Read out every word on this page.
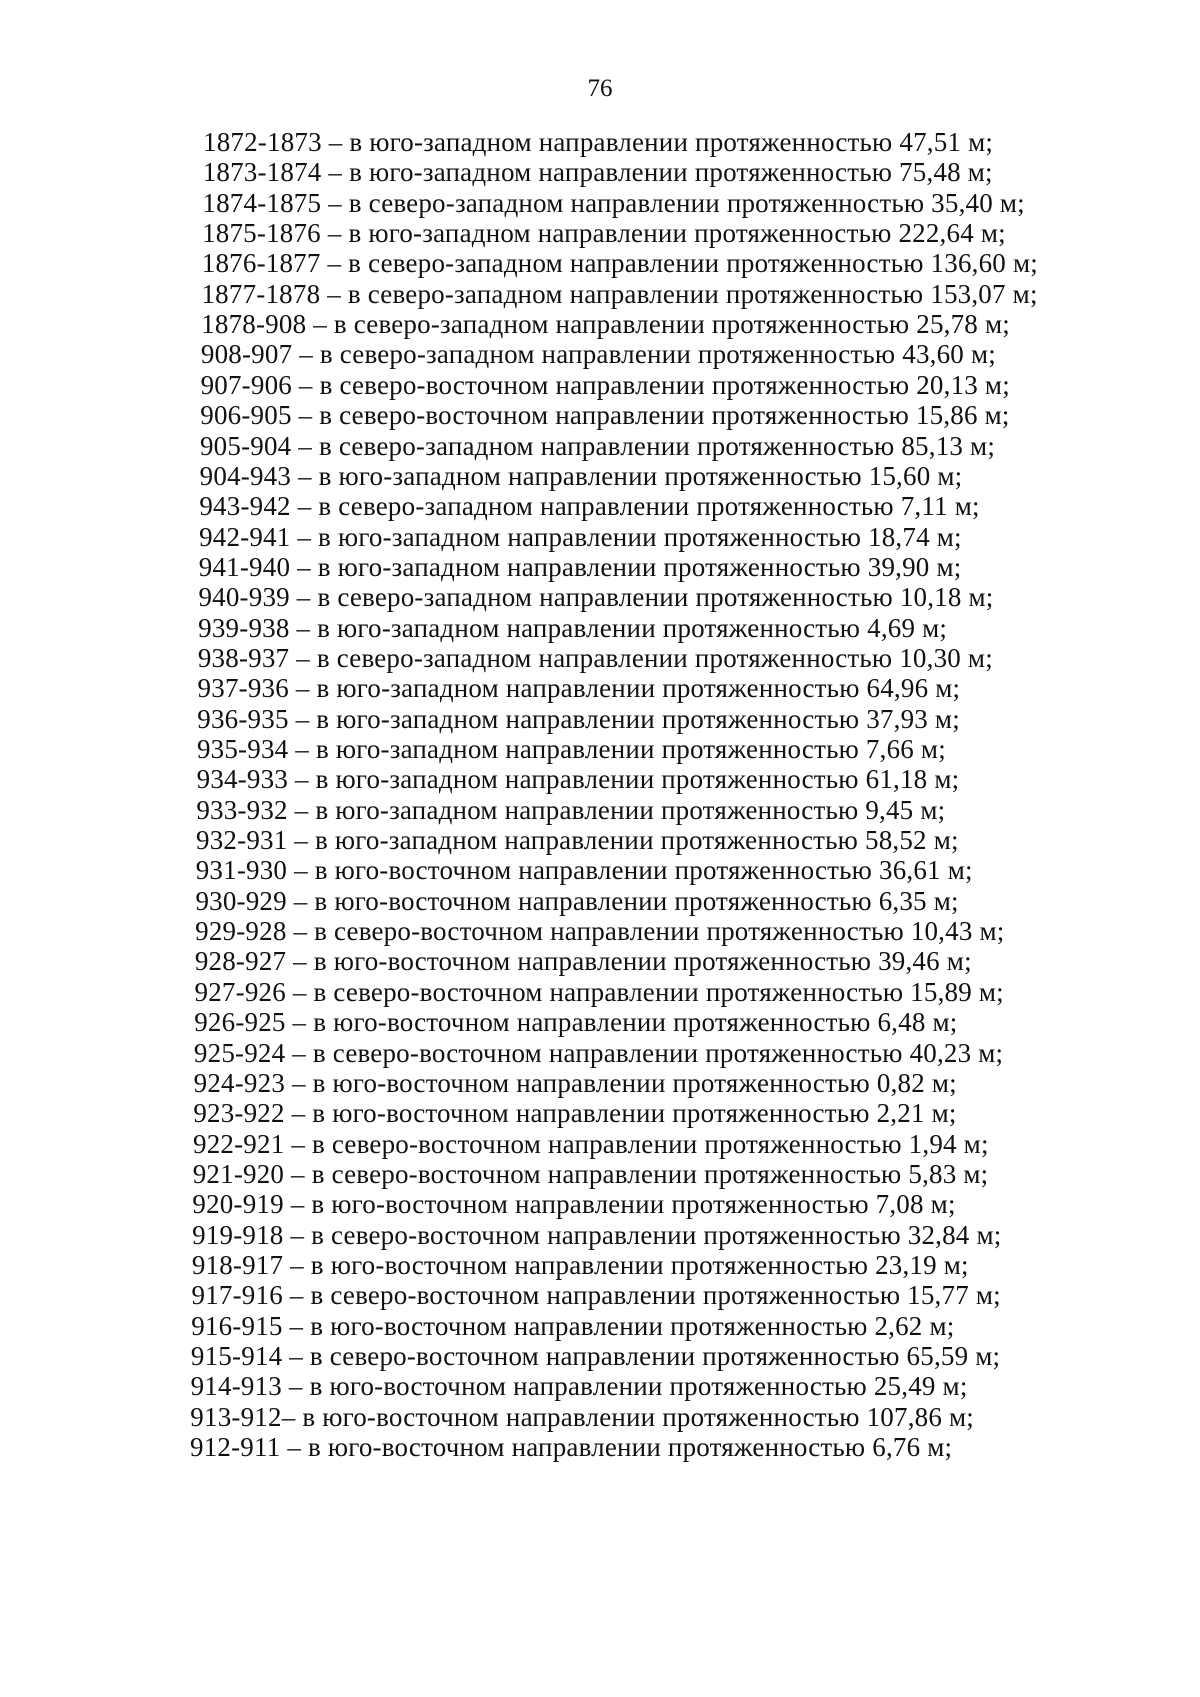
76
1872-1873 – в юго-западном направлении протяженностью 47,51 м;
1873-1874 – в юго-западном направлении протяженностью 75,48 м;
1874-1875 – в северо-западном направлении протяженностью 35,40 м;
1875-1876 – в юго-западном направлении протяженностью 222,64 м;
1876-1877 – в северо-западном направлении протяженностью 136,60 м;
1877-1878 – в северо-западном направлении протяженностью 153,07 м;
1878-908 – в северо-западном направлении протяженностью 25,78 м;
908-907 – в северо-западном направлении протяженностью 43,60 м;
907-906 – в северо-восточном направлении протяженностью 20,13 м;
906-905 – в северо-восточном направлении протяженностью 15,86 м;
905-904 – в северо-западном направлении протяженностью 85,13 м;
904-943 – в юго-западном направлении протяженностью 15,60 м;
943-942 – в северо-западном направлении протяженностью 7,11 м;
942-941 – в юго-западном направлении протяженностью 18,74 м;
941-940 – в юго-западном направлении протяженностью 39,90 м;
940-939 – в северо-западном направлении протяженностью 10,18 м;
939-938 – в юго-западном направлении протяженностью 4,69 м;
938-937 – в северо-западном направлении протяженностью 10,30 м;
937-936 – в юго-западном направлении протяженностью 64,96 м;
936-935 – в юго-западном направлении протяженностью 37,93 м;
935-934 – в юго-западном направлении протяженностью 7,66 м;
934-933 – в юго-западном направлении протяженностью 61,18 м;
933-932 – в юго-западном направлении протяженностью 9,45 м;
932-931 – в юго-западном направлении протяженностью 58,52 м;
931-930 – в юго-восточном направлении протяженностью 36,61 м;
930-929 – в юго-восточном направлении протяженностью 6,35 м;
929-928 – в северо-восточном направлении протяженностью 10,43 м;
928-927 – в юго-восточном направлении протяженностью 39,46 м;
927-926 – в северо-восточном направлении протяженностью 15,89 м;
926-925 – в юго-восточном направлении протяженностью 6,48 м;
925-924 – в северо-восточном направлении протяженностью 40,23 м;
924-923 – в юго-восточном направлении протяженностью 0,82 м;
923-922 – в юго-восточном направлении протяженностью 2,21 м;
922-921 – в северо-восточном направлении протяженностью 1,94 м;
921-920 – в северо-восточном направлении протяженностью 5,83 м;
920-919 – в юго-восточном направлении протяженностью 7,08 м;
919-918 – в северо-восточном направлении протяженностью 32,84 м;
918-917 – в юго-восточном направлении протяженностью 23,19 м;
917-916 – в северо-восточном направлении протяженностью 15,77 м;
916-915 – в юго-восточном направлении протяженностью 2,62 м;
915-914 – в северо-восточном направлении протяженностью 65,59 м;
914-913 – в юго-восточном направлении протяженностью 25,49 м;
913-912– в юго-восточном направлении протяженностью 107,86 м;
912-911 – в юго-восточном направлении протяженностью 6,76 м;
